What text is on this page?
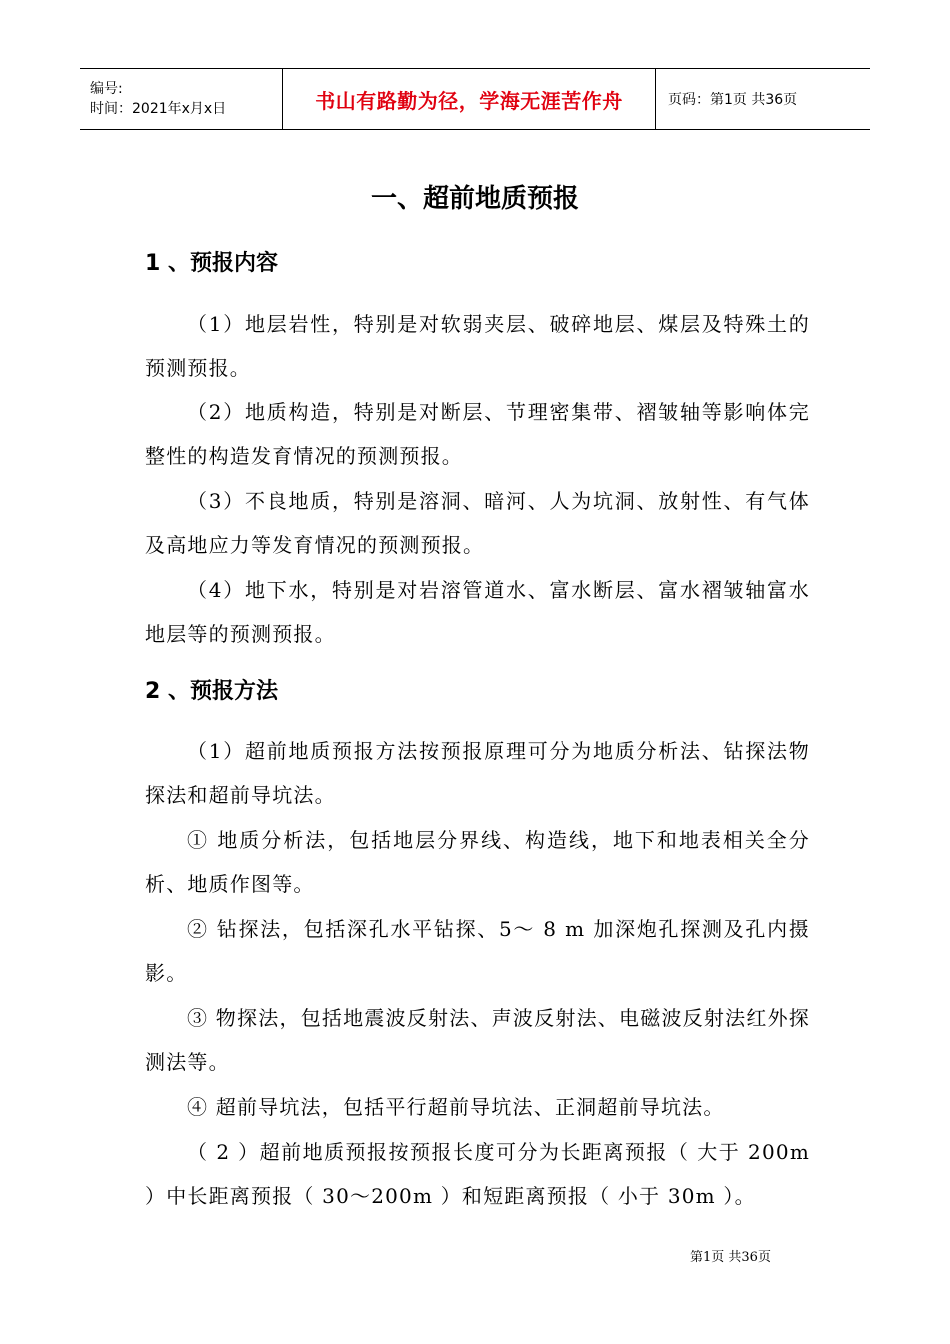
编号:
时间：2021年x月x日	书山有路勤为径，学海无涯苦作舟	页码：第1页 共36页
一、超前地质预报
1 、预报内容
（1）地层岩性，特别是对软弱夹层、破碎地层、煤层及特殊土的预测预报。
（2）地质构造，特别是对断层、节理密集带、褶皱轴等影响体完整性的构造发育情况的预测预报。
（3）不良地质，特别是溶洞、暗河、人为坑洞、放射性、有气体及高地应力等发育情况的预测预报。
（4）地下水，特别是对岩溶管道水、富水断层、富水褶皱轴富水地层等的预测预报。
2 、预报方法
（1）超前地质预报方法按预报原理可分为地质分析法、钻探法物探法和超前导坑法。
① 地质分析法，包括地层分界线、构造线，地下和地表相关全分析、地质作图等。
② 钻探法，包括深孔水平钻探、5～ 8 m 加深炮孔探测及孔内摄影。
③ 物探法，包括地震波反射法、声波反射法、电磁波反射法红外探测法等。
④ 超前导坑法，包括平行超前导坑法、正洞超前导坑法。
（ 2 ）超前地质预报按预报长度可分为长距离预报（ 大于 200m ）中长距离预报（ 30～200m ）和短距离预报（ 小于 30m ）。
第1页 共36页
